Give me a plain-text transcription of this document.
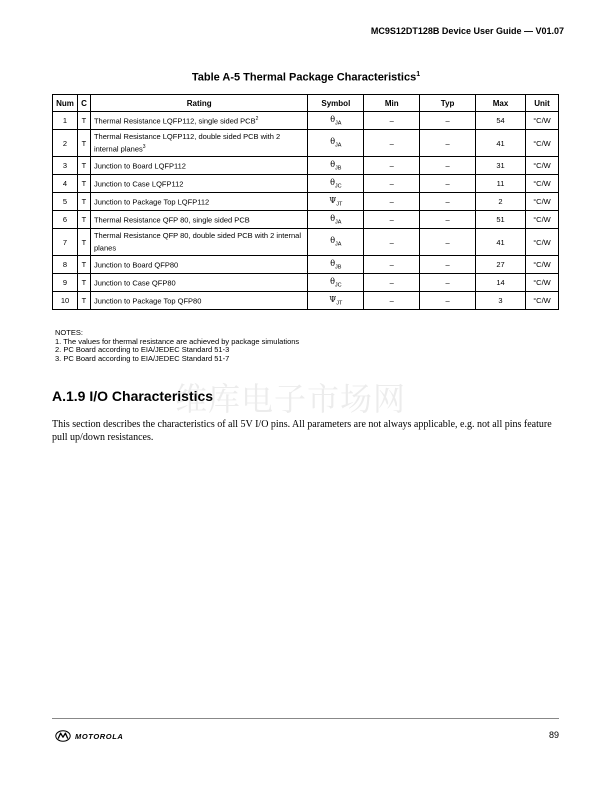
MC9S12DT128B Device User Guide — V01.07
Table A-5 Thermal Package Characteristics$^1$
Num	C	Rating	Symbol	Min	Typ	Max	Unit
1	T	Thermal Resistance LQFP112, single sided PCB$^2$	$\theta_{JA}$	–	–	54	°C/W
2	T	Thermal Resistance LQFP112, double sided PCB with 2 internal planes$^3$	$\theta_{JA}$	–	–	41	°C/W
3	T	Junction to Board LQFP112	$\theta_{JB}$	–	–	31	°C/W
4	T	Junction to Case LQFP112	$\theta_{JC}$	–	–	11	°C/W
5	T	Junction to Package Top LQFP112	$\Psi_{JT}$	–	–	2	°C/W
6	T	Thermal Resistance QFP 80, single sided PCB	$\theta_{JA}$	–	–	51	°C/W
7	T	Thermal Resistance QFP 80, double sided PCB with 2 internal planes	$\theta_{JA}$	–	–	41	°C/W
8	T	Junction to Board QFP80	$\theta_{JB}$	–	–	27	°C/W
9	T	Junction to Case QFP80	$\theta_{JC}$	–	–	14	°C/W
10	T	Junction to Package Top QFP80	$\Psi_{JT}$	–	–	3	°C/W
NOTES:
1. The values for thermal resistance are achieved by package simulations
2. PC Board according to EIA/JEDEC Standard 51-3
3. PC Board according to EIA/JEDEC Standard 51-7
维库电子市场网
A.1.9 I/O Characteristics
This section describes the characteristics of all 5V I/O pins. All parameters are not always applicable, e.g. not all pins feature pull up/down resistances.
MOTOROLA	89
